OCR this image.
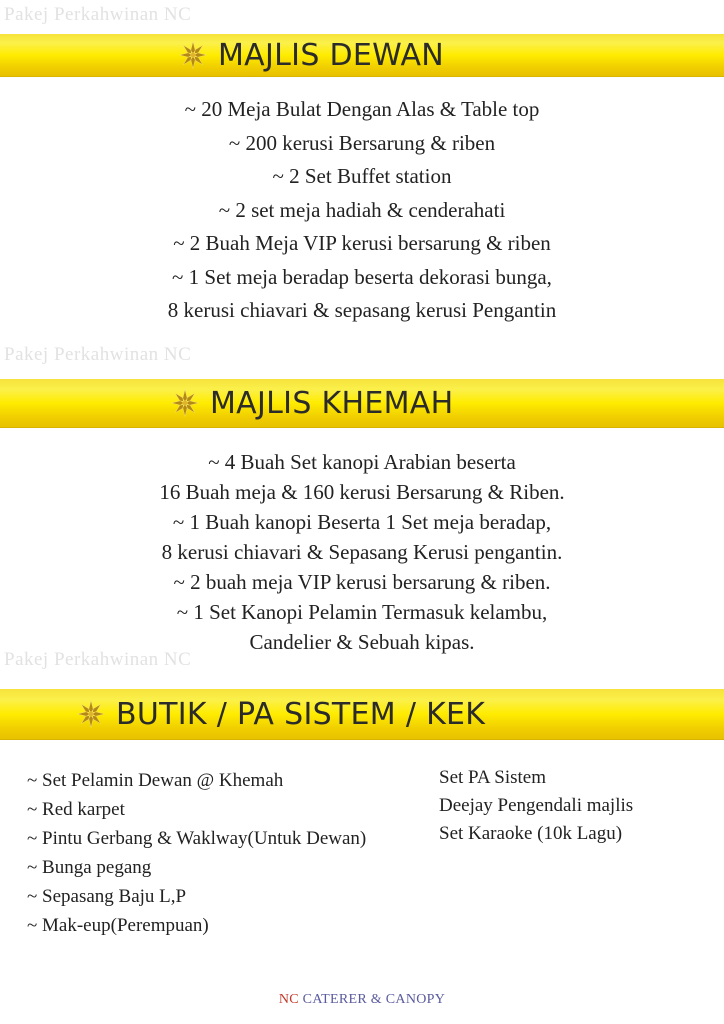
Pakej Perkahwinan NC
Pakej Perkahwinan NC
Pakej Perkahwinan NC
MAJLIS DEWAN
~ 20 Meja Bulat Dengan Alas & Table top
~ 200 kerusi Bersarung & riben
~ 2 Set Buffet station
~ 2 set meja hadiah & cenderahati
~ 2 Buah Meja VIP kerusi bersarung & riben
~ 1 Set meja beradap beserta dekorasi bunga,
8 kerusi chiavari & sepasang kerusi Pengantin
MAJLIS KHEMAH
~ 4 Buah Set kanopi Arabian beserta
16 Buah meja & 160 kerusi Bersarung & Riben.
~ 1 Buah kanopi Beserta 1 Set meja beradap,
8 kerusi chiavari & Sepasang Kerusi pengantin.
~ 2 buah meja VIP kerusi bersarung & riben.
~ 1 Set Kanopi Pelamin Termasuk kelambu,
Candelier & Sebuah kipas.
BUTIK / PA SISTEM / KEK
~ Set Pelamin Dewan @ Khemah
~ Red karpet
~ Pintu Gerbang & Waklway(Untuk Dewan)
~ Bunga pegang
~ Sepasang Baju L,P
~ Mak-eup(Perempuan)
Set PA Sistem
Deejay Pengendali majlis
Set Karaoke (10k Lagu)
NC CATERER & CANOPY
